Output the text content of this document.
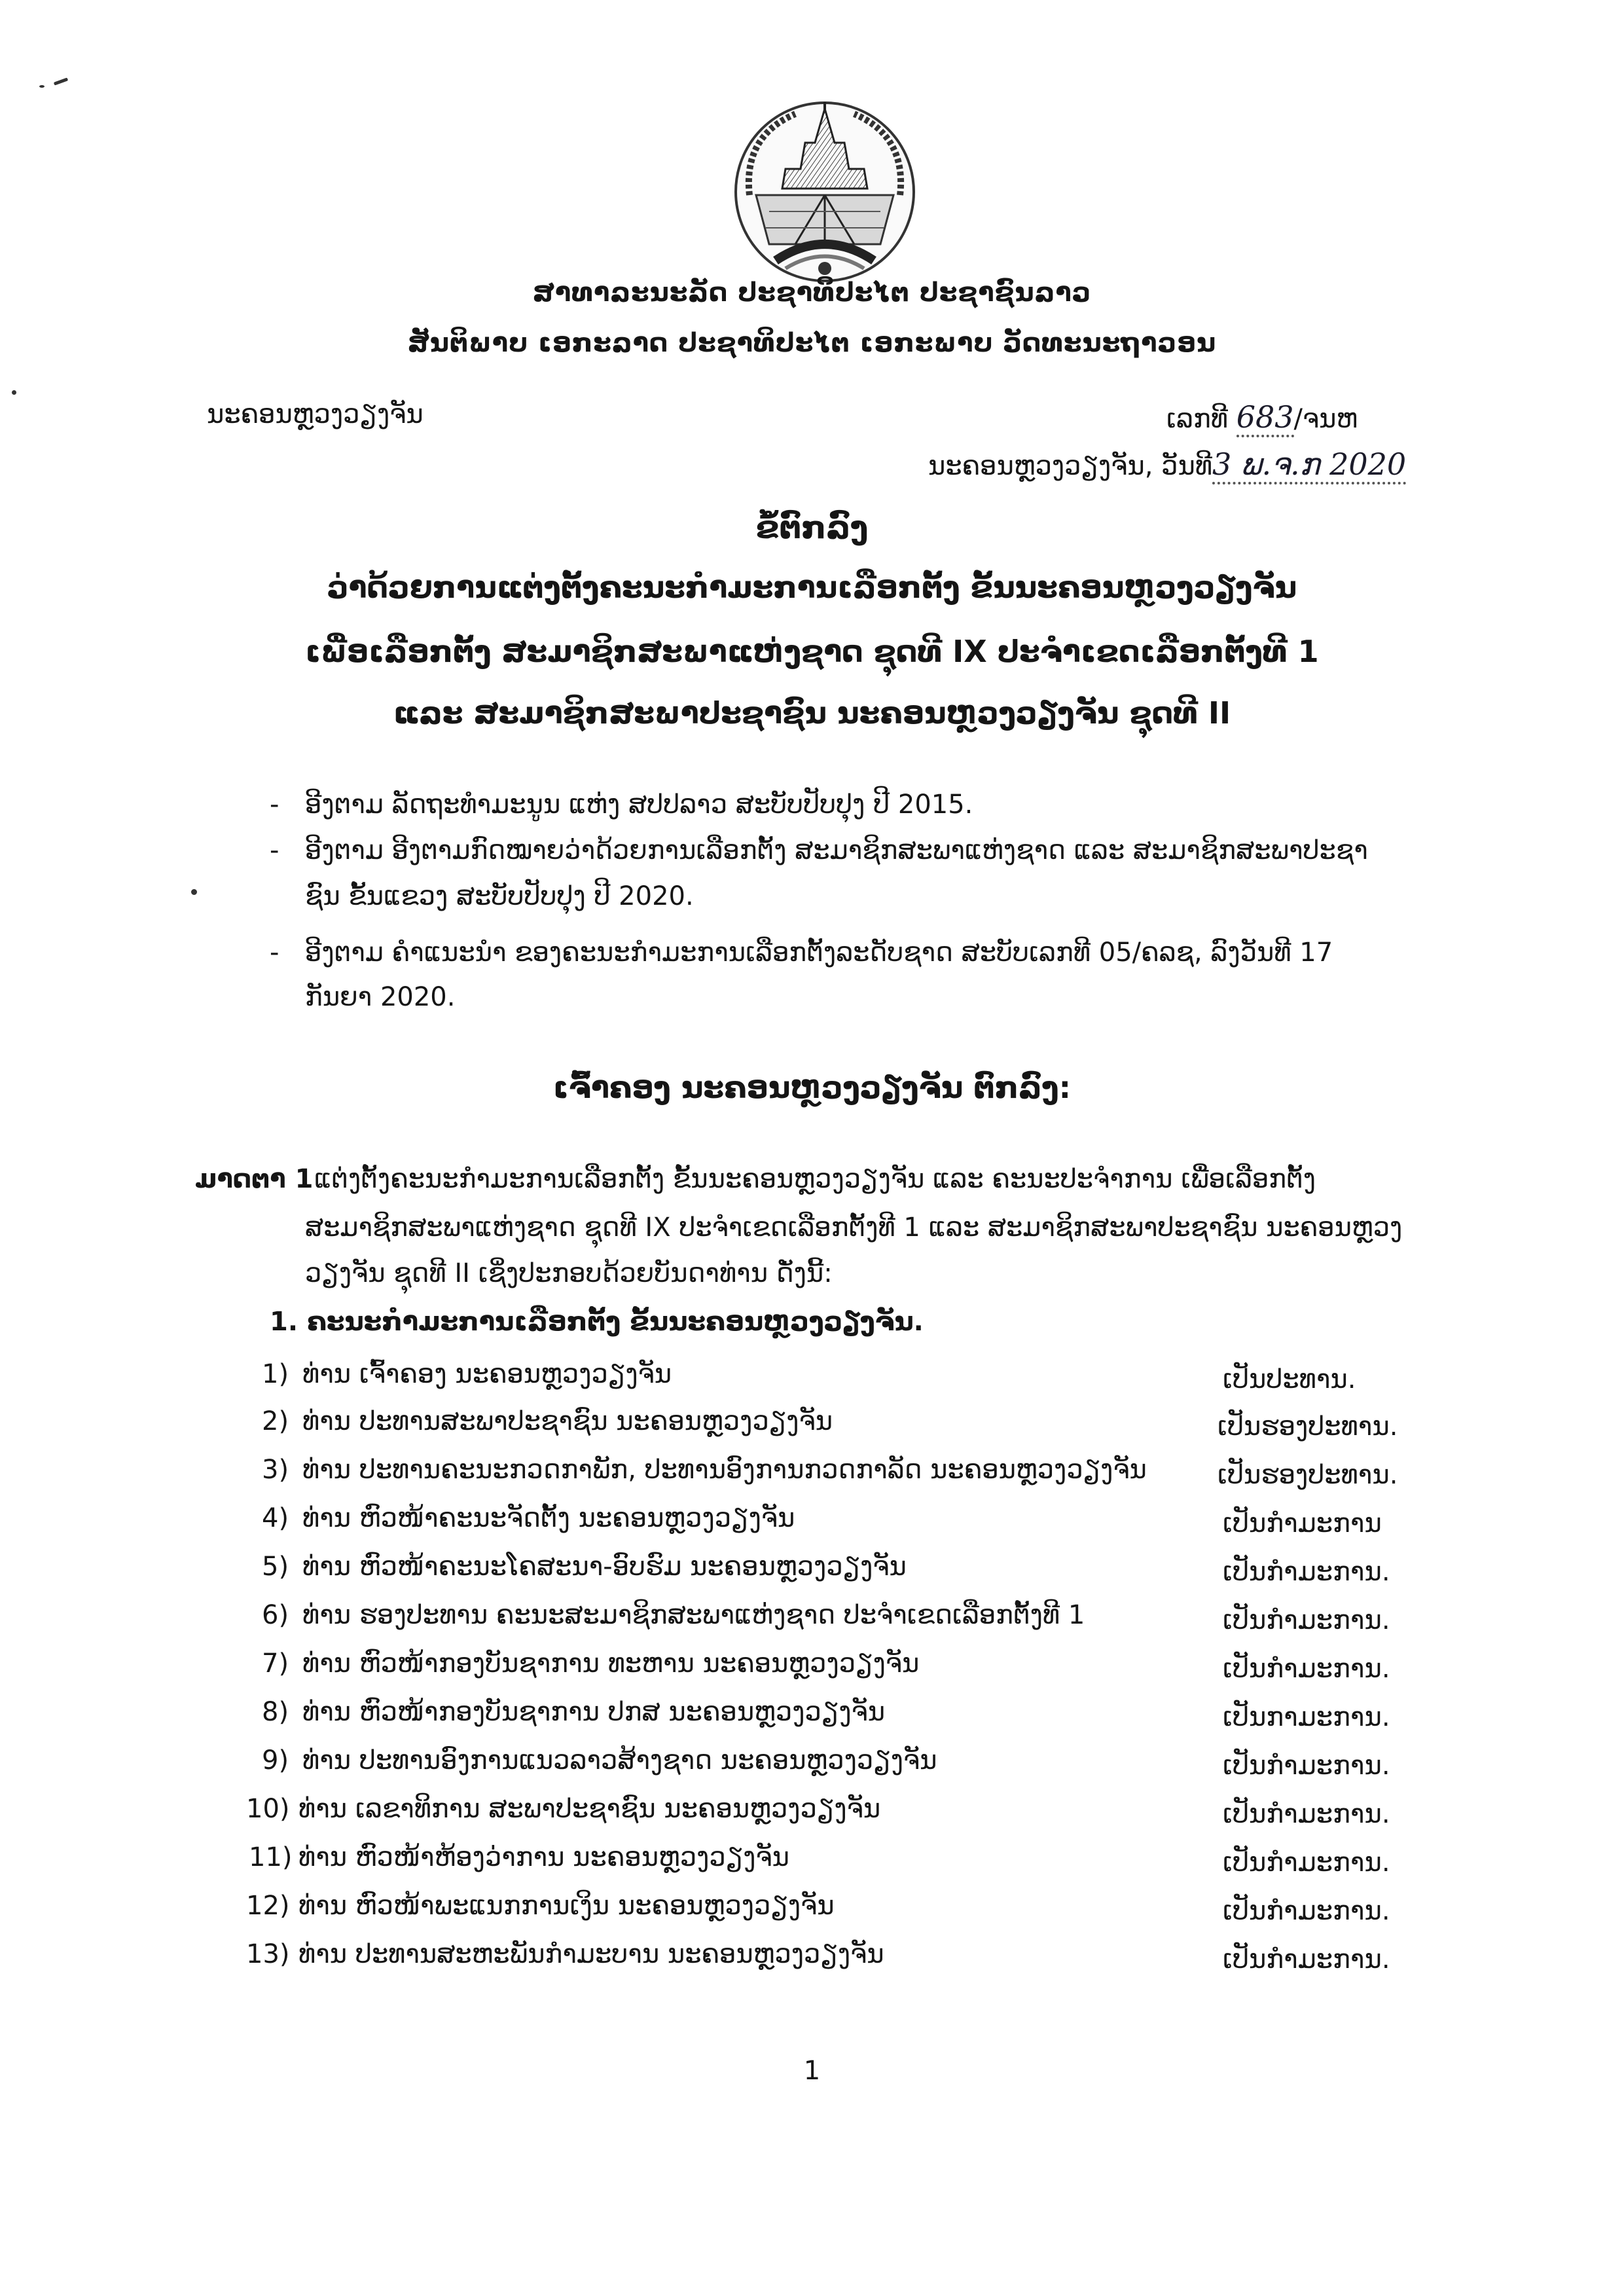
ສາທາລະນະລັດ ປະຊາທິປະໄຕ ປະຊາຊົນລາວ
ສັນຕິພາບ ເອກະລາດ ປະຊາທິປະໄຕ ເອກະພາບ ວັດທະນະຖາວອນ
ນະຄອນຫຼວງວຽງຈັນ	ເລກທີ 683/ຈນຫ
ນະຄອນຫຼວງວຽງຈັນ, ວັນທີ3 ພ.ຈ.ກ 2020
ຂໍ້ຕົກລົງ
ວ່າດ້ວຍການແຕ່ງຕັ້ງຄະນະກຳມະການເລືອກຕັ້ງ ຂັ້ນນະຄອນຫຼວງວຽງຈັນ
ເພື່ອເລືອກຕັ້ງ ສະມາຊິກສະພາແຫ່ງຊາດ ຊຸດທີ IX ປະຈຳເຂດເລືອກຕັ້ງທີ 1
ແລະ ສະມາຊິກສະພາປະຊາຊົນ ນະຄອນຫຼວງວຽງຈັນ ຊຸດທີ II
- ອີງຕາມ ລັດຖະທຳມະນູນ ແຫ່ງ ສປປລາວ ສະບັບປັບປຸງ ປີ 2015.
- ອີງຕາມ ອີງຕາມກົດໝາຍວ່າດ້ວຍການເລືອກຕັ້ງ ສະມາຊິກສະພາແຫ່ງຊາດ ແລະ ສະມາຊິກສະພາປະຊາ
ຊົນ ຂັ້ນແຂວງ ສະບັບປັບປຸງ ປີ 2020.
- ອີງຕາມ ຄຳແນະນຳ ຂອງຄະນະກຳມະການເລືອກຕັ້ງລະດັບຊາດ ສະບັບເລກທີ 05/ຄລຊ, ລົງວັນທີ 17
ກັນຍາ 2020.
ເຈົ້າຄອງ ນະຄອນຫຼວງວຽງຈັນ ຕົກລົງ:
ມາດຕາ 1 ແຕ່ງຕັ້ງຄະນະກຳມະການເລືອກຕັ້ງ ຂັ້ນນະຄອນຫຼວງວຽງຈັນ ແລະ ຄະນະປະຈຳການ ເພື່ອເລືອກຕັ້ງ
ສະມາຊິກສະພາແຫ່ງຊາດ ຊຸດທີ IX ປະຈຳເຂດເລືອກຕັ້ງທີ 1 ແລະ ສະມາຊິກສະພາປະຊາຊົນ ນະຄອນຫຼວງ
ວຽງຈັນ ຊຸດທີ II ເຊິ່ງປະກອບດ້ວຍບັນດາທ່ານ ດັ່ງນີ້:
1. ຄະນະກຳມະການເລືອກຕັ້ງ ຂັ້ນນະຄອນຫຼວງວຽງຈັນ.
1) ທ່ານ ເຈົ້າຄອງ ນະຄອນຫຼວງວຽງຈັນ	ເປັນປະທານ.
2) ທ່ານ ປະທານສະພາປະຊາຊົນ ນະຄອນຫຼວງວຽງຈັນ	ເປັນຮອງປະທານ.
3) ທ່ານ ປະທານຄະນະກວດກາພັກ, ປະທານອົງການກວດກາລັດ ນະຄອນຫຼວງວຽງຈັນ	ເປັນຮອງປະທານ.
4) ທ່ານ ຫົວໜ້າຄະນະຈັດຕັ້ງ ນະຄອນຫຼວງວຽງຈັນ	ເປັນກຳມະການ
5) ທ່ານ ຫົວໜ້າຄະນະໂຄສະນາ-ອົບຮົມ ນະຄອນຫຼວງວຽງຈັນ	ເປັນກຳມະການ.
6) ທ່ານ ຮອງປະທານ ຄະນະສະມາຊິກສະພາແຫ່ງຊາດ ປະຈຳເຂດເລືອກຕັ້ງທີ 1	ເປັນກຳມະການ.
7) ທ່ານ ຫົວໜ້າກອງບັນຊາການ ທະຫານ ນະຄອນຫຼວງວຽງຈັນ	ເປັນກຳມະການ.
8) ທ່ານ ຫົວໜ້າກອງບັນຊາການ ປກສ ນະຄອນຫຼວງວຽງຈັນ	ເປັນກາມະການ.
9) ທ່ານ ປະທານອົງການແນວລາວສ້າງຊາດ ນະຄອນຫຼວງວຽງຈັນ	ເປັນກຳມະການ.
10) ທ່ານ ເລຂາທິການ ສະພາປະຊາຊົນ ນະຄອນຫຼວງວຽງຈັນ	ເປັນກຳມະການ.
11) ທ່ານ ຫົວໜ້າຫ້ອງວ່າການ ນະຄອນຫຼວງວຽງຈັນ	ເປັນກຳມະການ.
12) ທ່ານ ຫົວໜ້າພະແນກການເງິນ ນະຄອນຫຼວງວຽງຈັນ	ເປັນກຳມະການ.
13) ທ່ານ ປະທານສະຫະພັນກຳມະບານ ນະຄອນຫຼວງວຽງຈັນ	ເປັນກຳມະການ.
1
